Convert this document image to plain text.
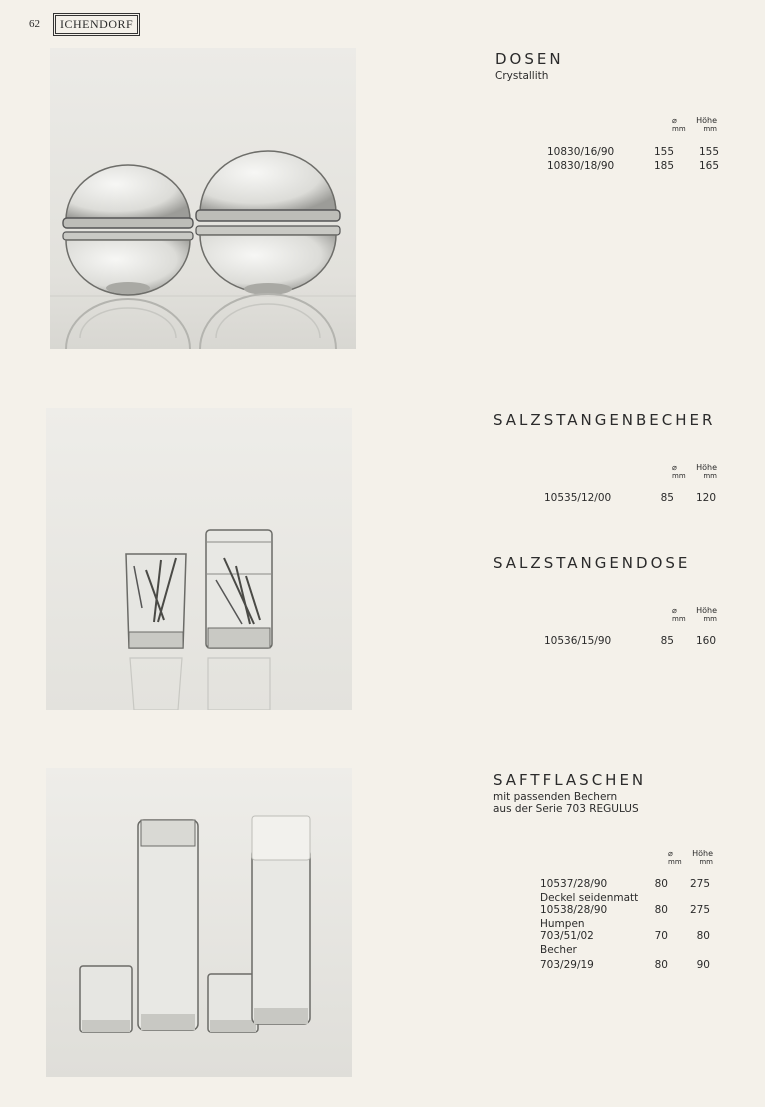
62	ICHENDORF
DOSEN
Crystallith
⌀ Höhe
mm	mm
10830/16/90	155 155
10830/18/90	185 165
SALZSTANGENBECHER
⌀ Höhe
mm	mm
10535/12/00	85 120
SALZSTANGENDOSE
⌀ Höhe
mm	mm
10536/15/90	85 160
SAFTFLASCHEN
mit passenden Bechern
aus der Serie 703 REGULUS
⌀ Höhe
mm	mm
10537/28/90	80 275
Deckel seidenmatt
10538/28/90	80 275
Humpen
703/51/02	70	80
Becher
703/29/19	80	90
